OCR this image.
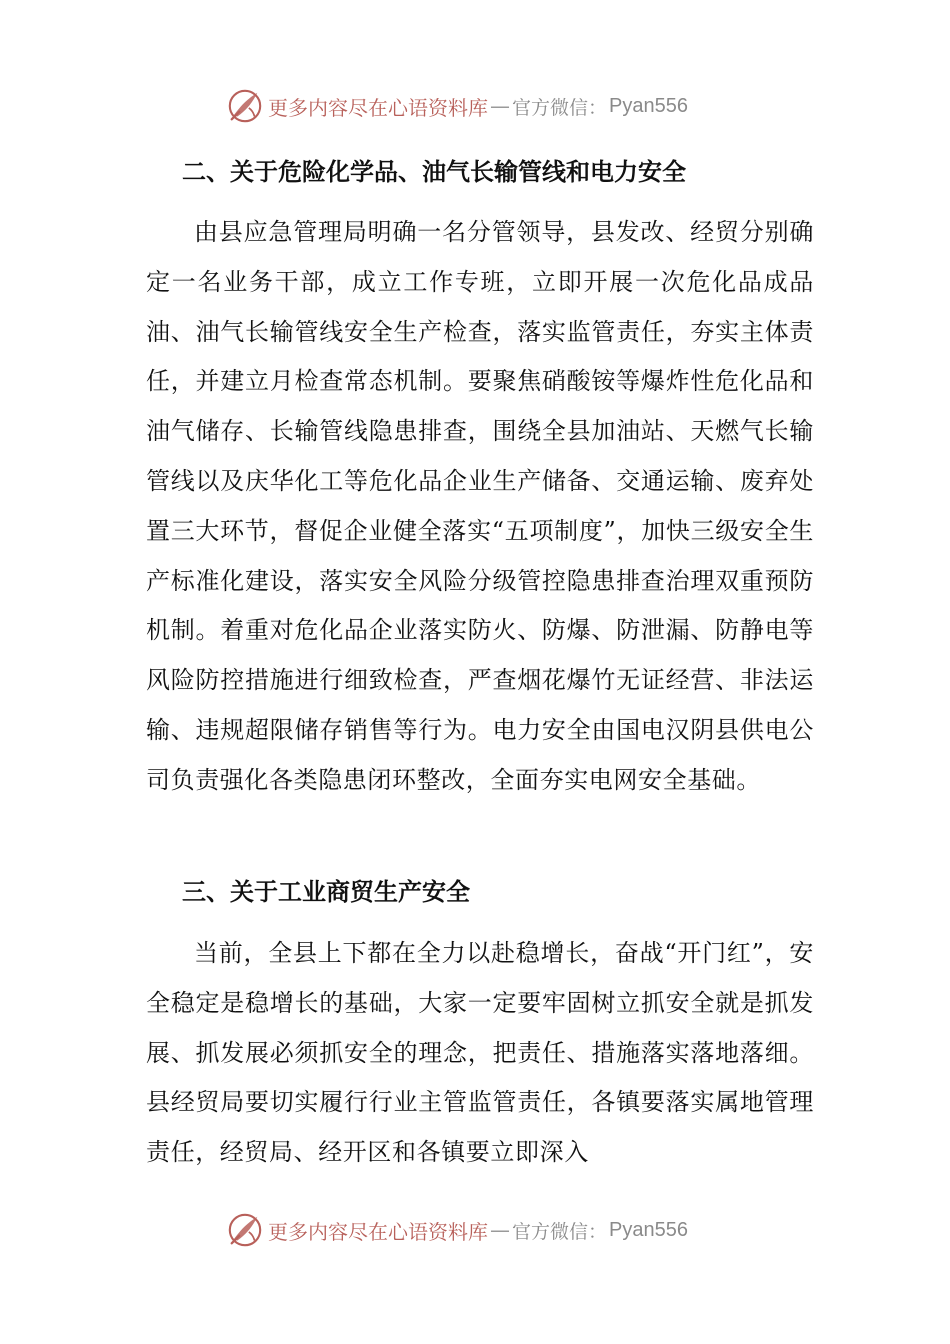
更多内容尽在心语资料库 — 官方微信： Pyan556
二、关于危险化学品、油气长输管线和电力安全

由县应急管理局明确一名分管领导，县发改、经贸分别确定一名业务干部，成立工作专班，立即开展一次危化品成品油、油气长输管线安全生产检查，落实监管责任，夯实主体责任，并建立月检查常态机制。要聚焦硝酸铵等爆炸性危化品和油气储存、长输管线隐患排查，围绕全县加油站、天燃气长输管线以及庆华化工等危化品企业生产储备、交通运输、废弃处置三大环节，督促企业健全落实“五项制度”，加快三级安全生产标准化建设，落实安全风险分级管控隐患排查治理双重预防机制。着重对危化品企业落实防火、防爆、防泄漏、防静电等风险防控措施进行细致检查，严查烟花爆竹无证经营、非法运输、违规超限储存销售等行为。电力安全由国电汉阴县供电公司负责强化各类隐患闭环整改，全面夯实电网安全基础。

三、关于工业商贸生产安全

当前，全县上下都在全力以赴稳增长，奋战“开门红”，安全稳定是稳增长的基础，大家一定要牢固树立抓安全就是抓发展、抓发展必须抓安全的理念，把责任、措施落实落地落细。县经贸局要切实履行行业主管监管责任，各镇要落实属地管理责任，经贸局、经开区和各镇要立即深入

更多内容尽在心语资料库 — 官方微信： Pyan556
